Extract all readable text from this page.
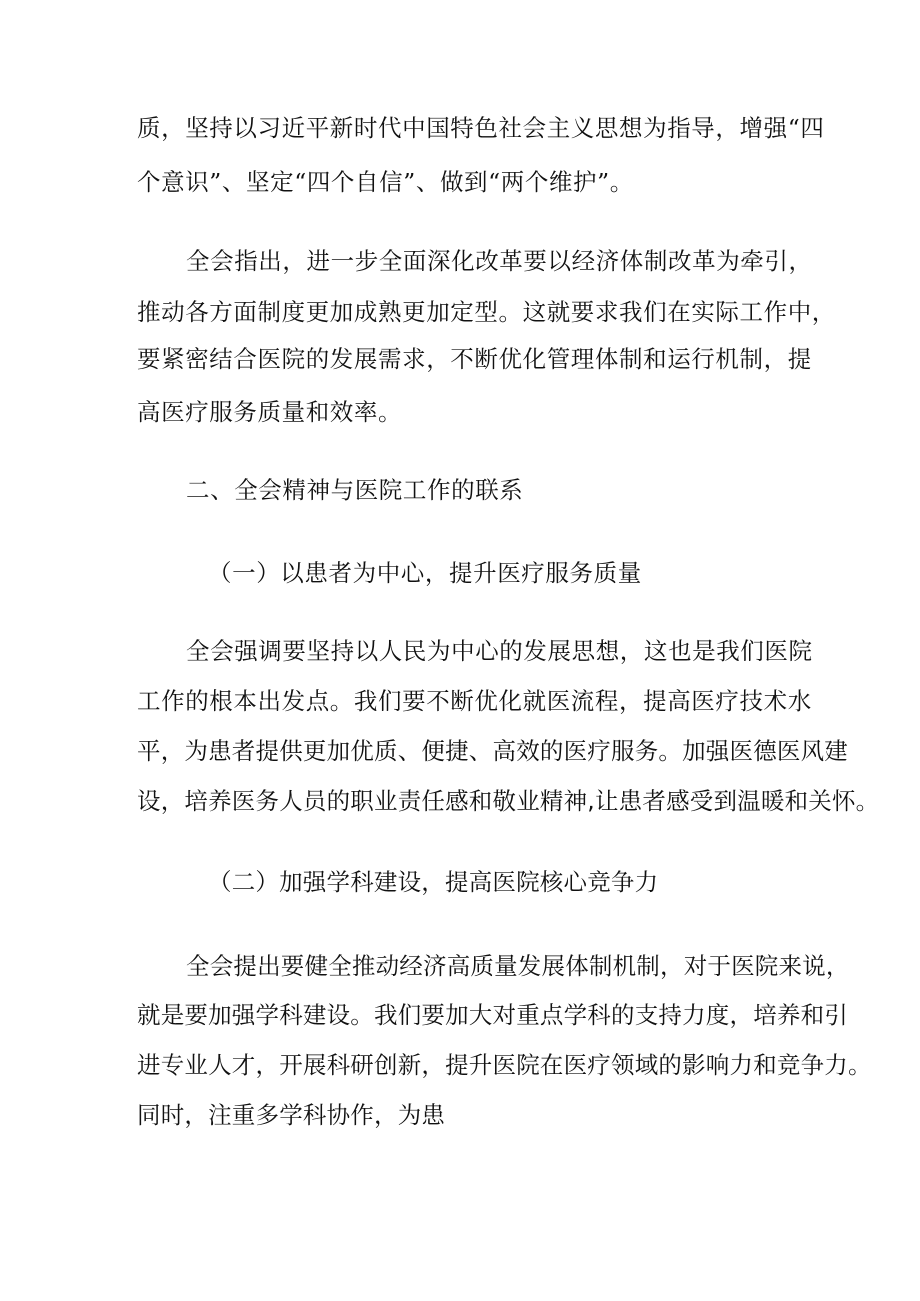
质，坚持以习近平新时代中国特色社会主义思想为指导，增强“四
个意识”、坚定“四个自信”、做到“两个维护”。
全会指出，进一步全面深化改革要以经济体制改革为牵引，
推动各方面制度更加成熟更加定型。这就要求我们在实际工作中，
要紧密结合医院的发展需求，不断优化管理体制和运行机制，提
高医疗服务质量和效率。
二、全会精神与医院工作的联系
（一）以患者为中心，提升医疗服务质量
全会强调要坚持以人民为中心的发展思想，这也是我们医院
工作的根本出发点。我们要不断优化就医流程，提高医疗技术水
平，为患者提供更加优质、便捷、高效的医疗服务。加强医德医风建
设，培养医务人员的职业责任感和敬业精神,让患者感受到温暖和关怀。
（二）加强学科建设，提高医院核心竞争力
全会提出要健全推动经济高质量发展体制机制，对于医院来说，
就是要加强学科建设。我们要加大对重点学科的支持力度，培养和引
进专业人才，开展科研创新，提升医院在医疗领域的影响力和竞争力。
同时，注重多学科协作，为患
